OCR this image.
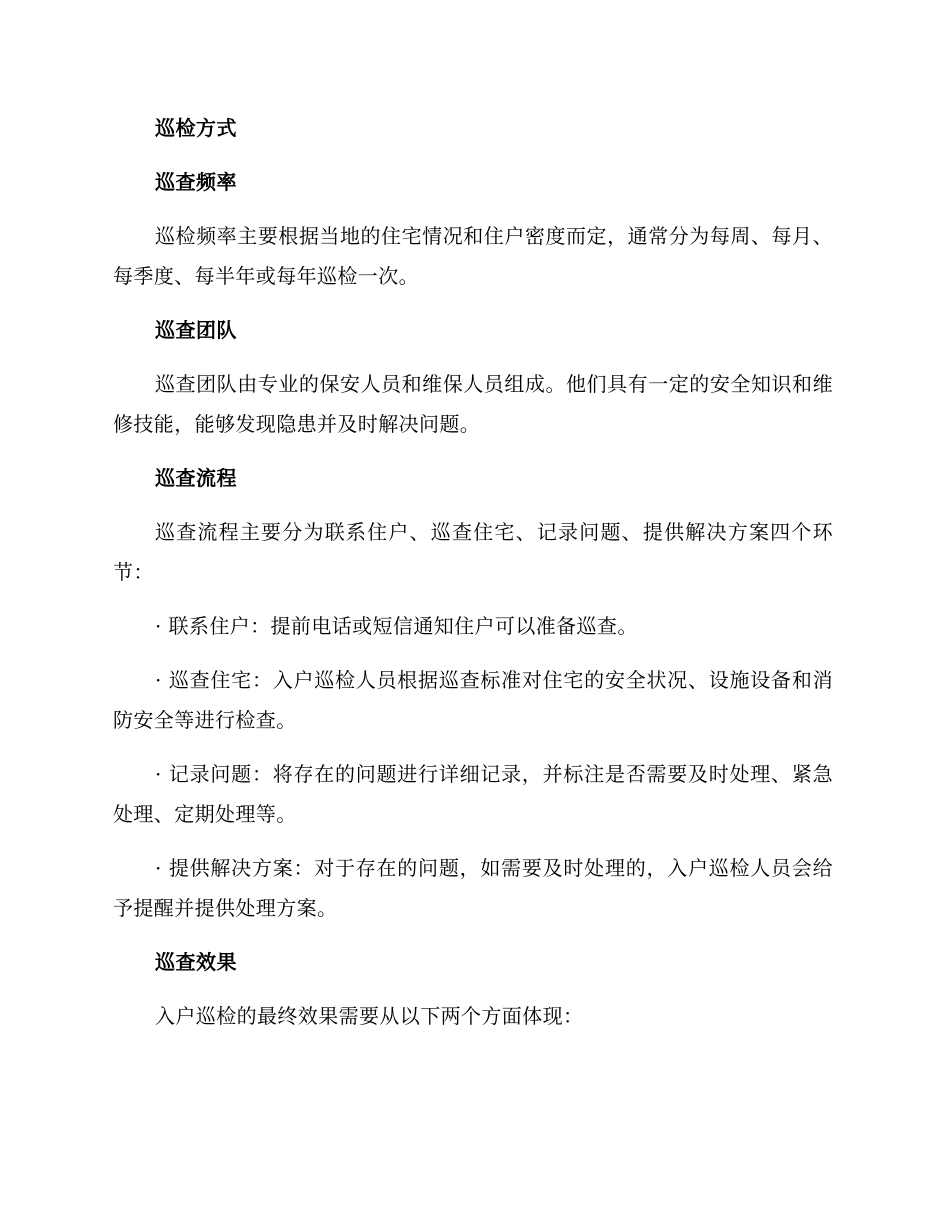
巡检方式
巡查频率
巡检频率主要根据当地的住宅情况和住户密度而定，通常分为每周、每月、每季度、每半年或每年巡检一次。
巡查团队
巡查团队由专业的保安人员和维保人员组成。他们具有一定的安全知识和维修技能，能够发现隐患并及时解决问题。
巡查流程
巡查流程主要分为联系住户、巡查住宅、记录问题、提供解决方案四个环节：
· 联系住户：提前电话或短信通知住户可以准备巡查。
· 巡查住宅：入户巡检人员根据巡查标准对住宅的安全状况、设施设备和消防安全等进行检查。
· 记录问题：将存在的问题进行详细记录，并标注是否需要及时处理、紧急处理、定期处理等。
· 提供解决方案：对于存在的问题，如需要及时处理的，入户巡检人员会给予提醒并提供处理方案。
巡查效果
入户巡检的最终效果需要从以下两个方面体现：
